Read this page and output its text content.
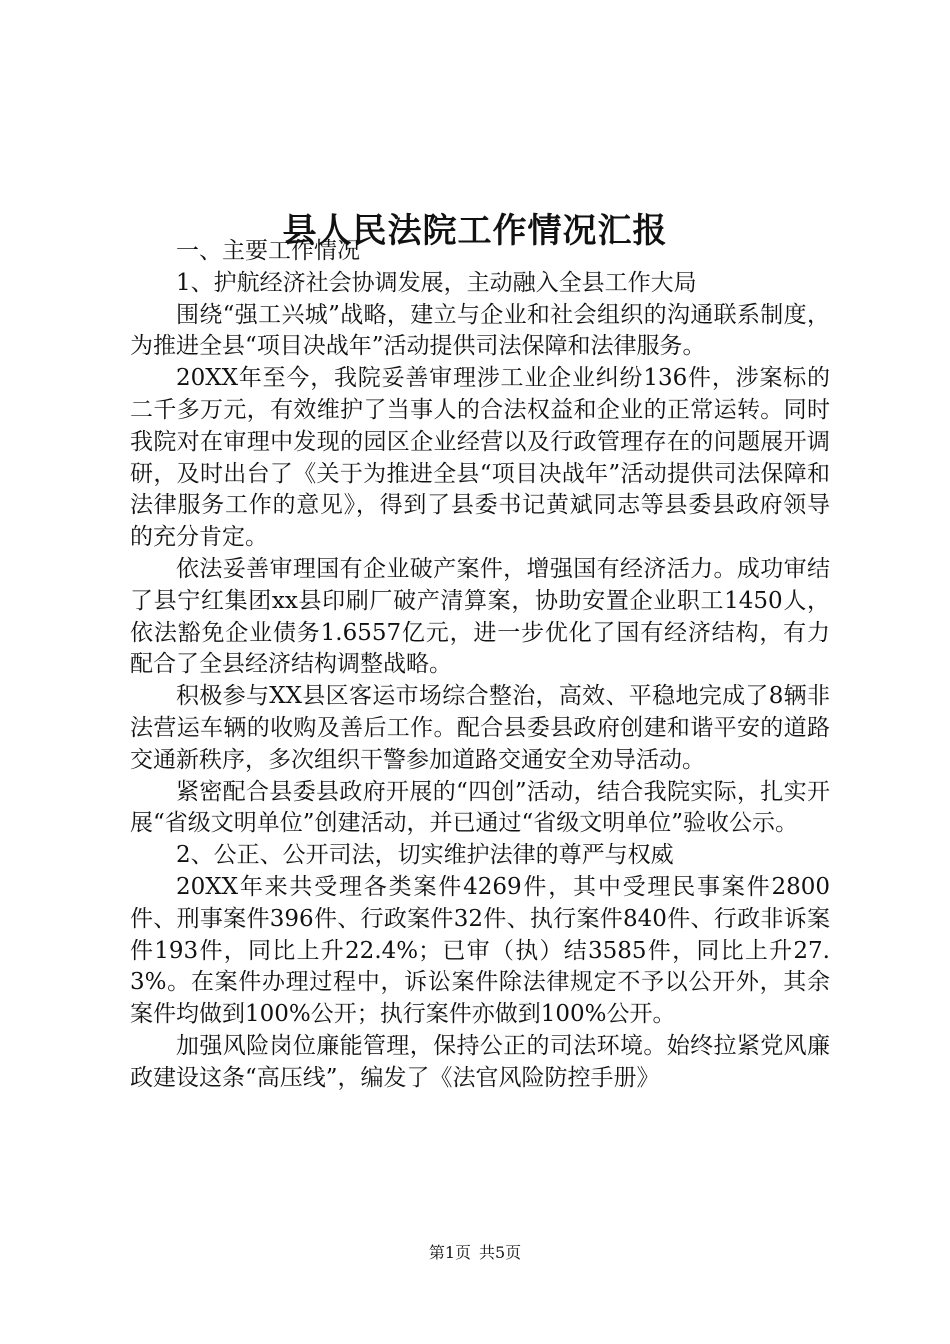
县人民法院工作情况汇报

一、主要工作情况

1、护航经济社会协调发展，主动融入全县工作大局

围绕“强工兴城”战略，建立与企业和社会组织的沟通联系制度，为推进全县“项目决战年”活动提供司法保障和法律服务。

20XX年至今，我院妥善审理涉工业企业纠纷136件，涉案标的二千多万元，有效维护了当事人的合法权益和企业的正常运转。同时我院对在审理中发现的园区企业经营以及行政管理存在的问题展开调研，及时出台了《关于为推进全县“项目决战年”活动提供司法保障和法律服务工作的意见》，得到了县委书记黄斌同志等县委县政府领导的充分肯定。

依法妥善审理国有企业破产案件，增强国有经济活力。成功审结了县宁红集团xx县印刷厂破产清算案，协助安置企业职工1450人，依法豁免企业债务1.6557亿元，进一步优化了国有经济结构，有力配合了全县经济结构调整战略。

积极参与XX县区客运市场综合整治，高效、平稳地完成了8辆非法营运车辆的收购及善后工作。配合县委县政府创建和谐平安的道路交通新秩序，多次组织干警参加道路交通安全劝导活动。

紧密配合县委县政府开展的“四创”活动，结合我院实际，扎实开展“省级文明单位”创建活动，并已通过“省级文明单位”验收公示。

2、公正、公开司法，切实维护法律的尊严与权威

20XX年来共受理各类案件4269件，其中受理民事案件2800件、刑事案件396件、行政案件32件、执行案件840件、行政非诉案件193件，同比上升22.4%；已审（执）结3585件，同比上升27.3%。在案件办理过程中，诉讼案件除法律规定不予以公开外，其余案件均做到100%公开；执行案件亦做到100%公开。

加强风险岗位廉能管理，保持公正的司法环境。始终拉紧党风廉政建设这条“高压线”，编发了《法官风险防控手册》

第1页 共5页
